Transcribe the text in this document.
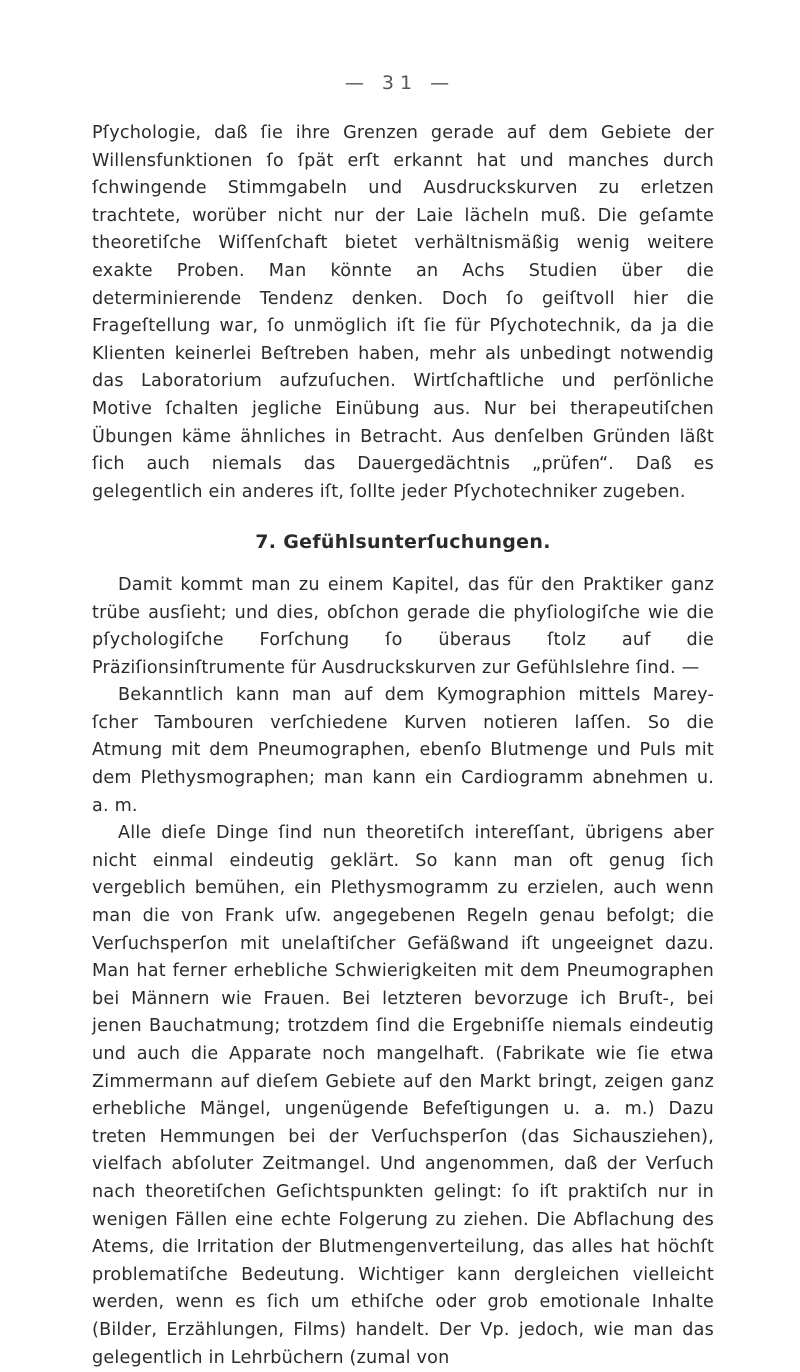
— 31 —

Pſychologie, daß ſie ihre Grenzen gerade auf dem Gebiete der Willensfunktionen ſo ſpät erſt erkannt hat und manches durch ſchwingende Stimmgabeln und Ausdruckskurven zu erletzen trachtete, worüber nicht nur der Laie lächeln muß. Die geſamte theoretiſche Wiſſenſchaft bietet verhältnismäßig wenig weitere exakte Proben. Man könnte an Achs Studien über die determinierende Tendenz denken. Doch ſo geiſtvoll hier die Frageſtellung war, ſo unmöglich iſt ſie für Pſychotechnik, da ja die Klienten keinerlei Beſtreben haben, mehr als unbedingt notwendig das Laboratorium aufzuſuchen. Wirtſchaftliche und perſönliche Motive ſchalten jegliche Einübung aus. Nur bei therapeutiſchen Übungen käme ähnliches in Betracht. Aus denſelben Gründen läßt ſich auch niemals das Dauergedächtnis „prüfen“. Daß es gelegentlich ein anderes iſt, ſollte jeder Pſychotechniker zugeben.

7. Gefühlsunterſuchungen.

Damit kommt man zu einem Kapitel, das für den Praktiker ganz trübe ausſieht; und dies, obſchon gerade die phyſiologiſche wie die pſychologiſche Forſchung ſo überaus ſtolz auf die Präziſionsinſtrumente für Ausdruckskurven zur Gefühlslehre ſind. —

Bekanntlich kann man auf dem Kymographion mittels Marey-ſcher Tambouren verſchiedene Kurven notieren laſſen. So die Atmung mit dem Pneumographen, ebenſo Blutmenge und Puls mit dem Plethysmographen; man kann ein Cardiogramm abnehmen u. a. m.

Alle dieſe Dinge ſind nun theoretiſch intereſſant, übrigens aber nicht einmal eindeutig geklärt. So kann man oft genug ſich vergeblich bemühen, ein Plethysmogramm zu erzielen, auch wenn man die von Frank uſw. angegebenen Regeln genau befolgt; die Verſuchsperſon mit unelaſtiſcher Gefäßwand iſt ungeeignet dazu. Man hat ferner erhebliche Schwierigkeiten mit dem Pneumographen bei Männern wie Frauen. Bei letzteren bevorzuge ich Bruſt-, bei jenen Bauchatmung; trotzdem ſind die Ergebniſſe niemals eindeutig und auch die Apparate noch mangelhaft. (Fabrikate wie ſie etwa Zimmermann auf dieſem Gebiete auf den Markt bringt, zeigen ganz erhebliche Mängel, ungenügende Befeſtigungen u. a. m.) Dazu treten Hemmungen bei der Verſuchsperſon (das Sichausziehen), vielfach abſoluter Zeitmangel. Und angenommen, daß der Verſuch nach theoretiſchen Geſichtspunkten gelingt: ſo iſt praktiſch nur in wenigen Fällen eine echte Folgerung zu ziehen. Die Abflachung des Atems, die Irritation der Blutmengenverteilung, das alles hat höchſt problematiſche Bedeutung. Wichtiger kann dergleichen vielleicht werden, wenn es ſich um ethiſche oder grob emotionale Inhalte (Bilder, Erzählungen, Films) handelt. Der Vp. jedoch, wie man das gelegentlich in Lehrbüchern (zumal von
